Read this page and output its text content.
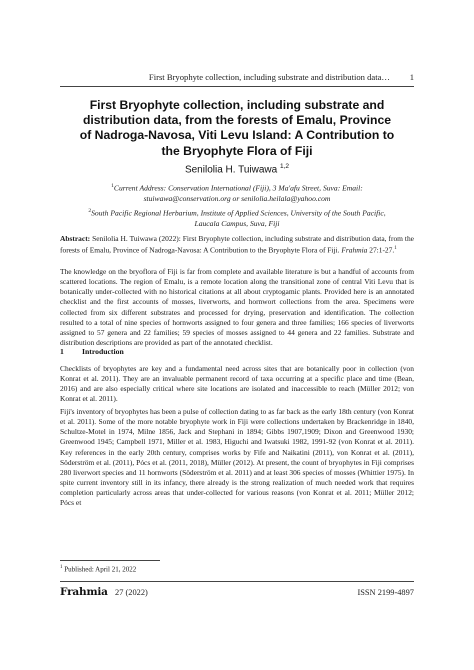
First Bryophyte collection, including substrate and distribution data… 1
First Bryophyte collection, including substrate and distribution data, from the forests of Emalu, Province of Nadroga-Navosa, Viti Levu Island: A Contribution to the Bryophyte Flora of Fiji
Senilolia H. Tuiwawa $^{1,2}$
$^1$Current Address: Conservation International (Fiji), 3 Ma'afu Street, Suva: Email:
stuiwawa@conservation.org or senilolia.heilala@yahoo.com
$^2$South Pacific Regional Herbarium, Institute of Applied Sciences, University of the South Pacific,
Laucala Campus, Suva, Fiji
Abstract: Senilolia H. Tuiwawa (2022): First Bryophyte collection, including substrate and distribution data, from the forests of Emalu, Province of Nadroga-Navosa: A Contribution to the Bryophyte Flora of Fiji. Frahmia 27:1-27.$^1$
The knowledge on the bryoflora of Fiji is far from complete and available literature is but a handful of accounts from scattered locations. The region of Emalu, is a remote location along the transitional zone of central Viti Levu that is botanically under-collected with no historical citations at all about cryptogamic plants. Provided here is an annotated checklist and the first accounts of mosses, liverworts, and hornwort collections from the area. Specimens were collected from six different substrates and processed for drying, preservation and identification. The collection resulted to a total of nine species of hornworts assigned to four genera and three families; 166 species of liverworts assigned to 57 genera and 22 families; 59 species of mosses assigned to 44 genera and 22 families. Substrate and distribution descriptions are provided as part of the annotated checklist.
1 Introduction
Checklists of bryophytes are key and a fundamental need across sites that are botanically poor in collection (von Konrat et al. 2011). They are an invaluable permanent record of taxa occurring at a specific place and time (Bean, 2016) and are also especially critical where site locations are isolated and inaccessible to reach (Müller 2012; von Konrat et al. 2011).
Fiji's inventory of bryophytes has been a pulse of collection dating to as far back as the early 18th century (von Konrat et al. 2011). Some of the more notable bryophyte work in Fiji were collections undertaken by Brackenridge in 1840, Schultze-Motel in 1974, Milne 1856, Jack and Stephani in 1894; Gibbs 1907,1909; Dixon and Greenwood 1930; Greenwood 1945; Campbell 1971, Miller et al. 1983, Higuchi and Iwatsuki 1982, 1991-92 (von Konrat et al. 2011). Key references in the early 20th century, comprises works by Fife and Naikatini (2011), von Konrat et al. (2011), Söderström et al. (2011), Pócs et al. (2011, 2018), Müller (2012). At present, the count of bryophytes in Fiji comprises 280 liverwort species and 11 hornworts (Söderström et al. 2011) and at least 306 species of mosses (Whittier 1975). In spite current inventory still in its infancy, there already is the strong realization of much needed work that requires completion particularly across areas that under-collected for various reasons (von Konrat et al. 2011; Müller 2012; Pócs et
$^1$ Published: April 21, 2022
Frahmia 27 (2022)	ISSN 2199-4897
